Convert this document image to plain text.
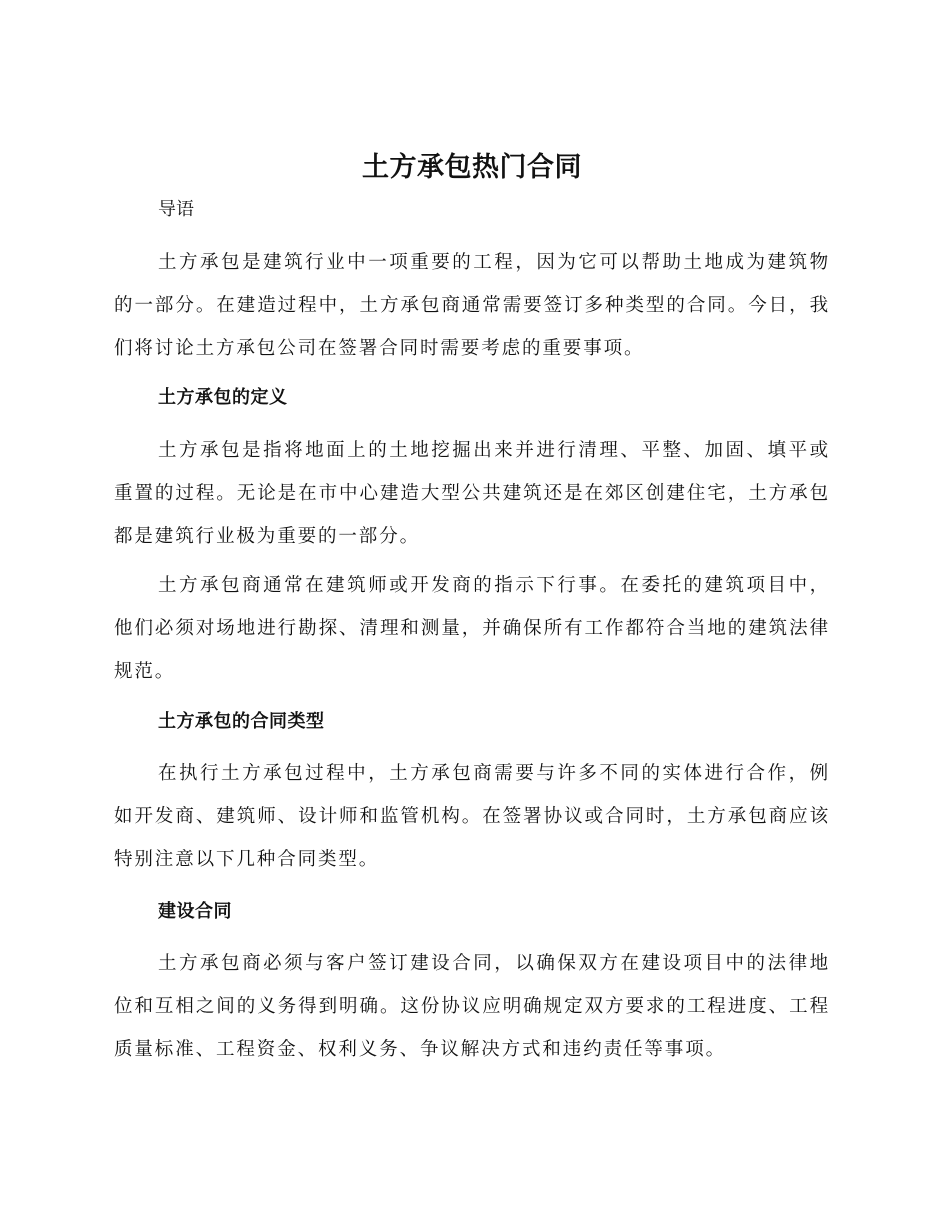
土方承包热门合同

导语

土方承包是建筑行业中一项重要的工程，因为它可以帮助土地成为建筑物的一部分。在建造过程中，土方承包商通常需要签订多种类型的合同。今日，我们将讨论土方承包公司在签署合同时需要考虑的重要事项。

土方承包的定义

土方承包是指将地面上的土地挖掘出来并进行清理、平整、加固、填平或重置的过程。无论是在市中心建造大型公共建筑还是在郊区创建住宅，土方承包都是建筑行业极为重要的一部分。

土方承包商通常在建筑师或开发商的指示下行事。在委托的建筑项目中，他们必须对场地进行勘探、清理和测量，并确保所有工作都符合当地的建筑法律规范。

土方承包的合同类型

在执行土方承包过程中，土方承包商需要与许多不同的实体进行合作，例如开发商、建筑师、设计师和监管机构。在签署协议或合同时，土方承包商应该特别注意以下几种合同类型。

建设合同

土方承包商必须与客户签订建设合同，以确保双方在建设项目中的法律地位和互相之间的义务得到明确。这份协议应明确规定双方要求的工程进度、工程质量标准、工程资金、权利义务、争议解决方式和违约责任等事项。
